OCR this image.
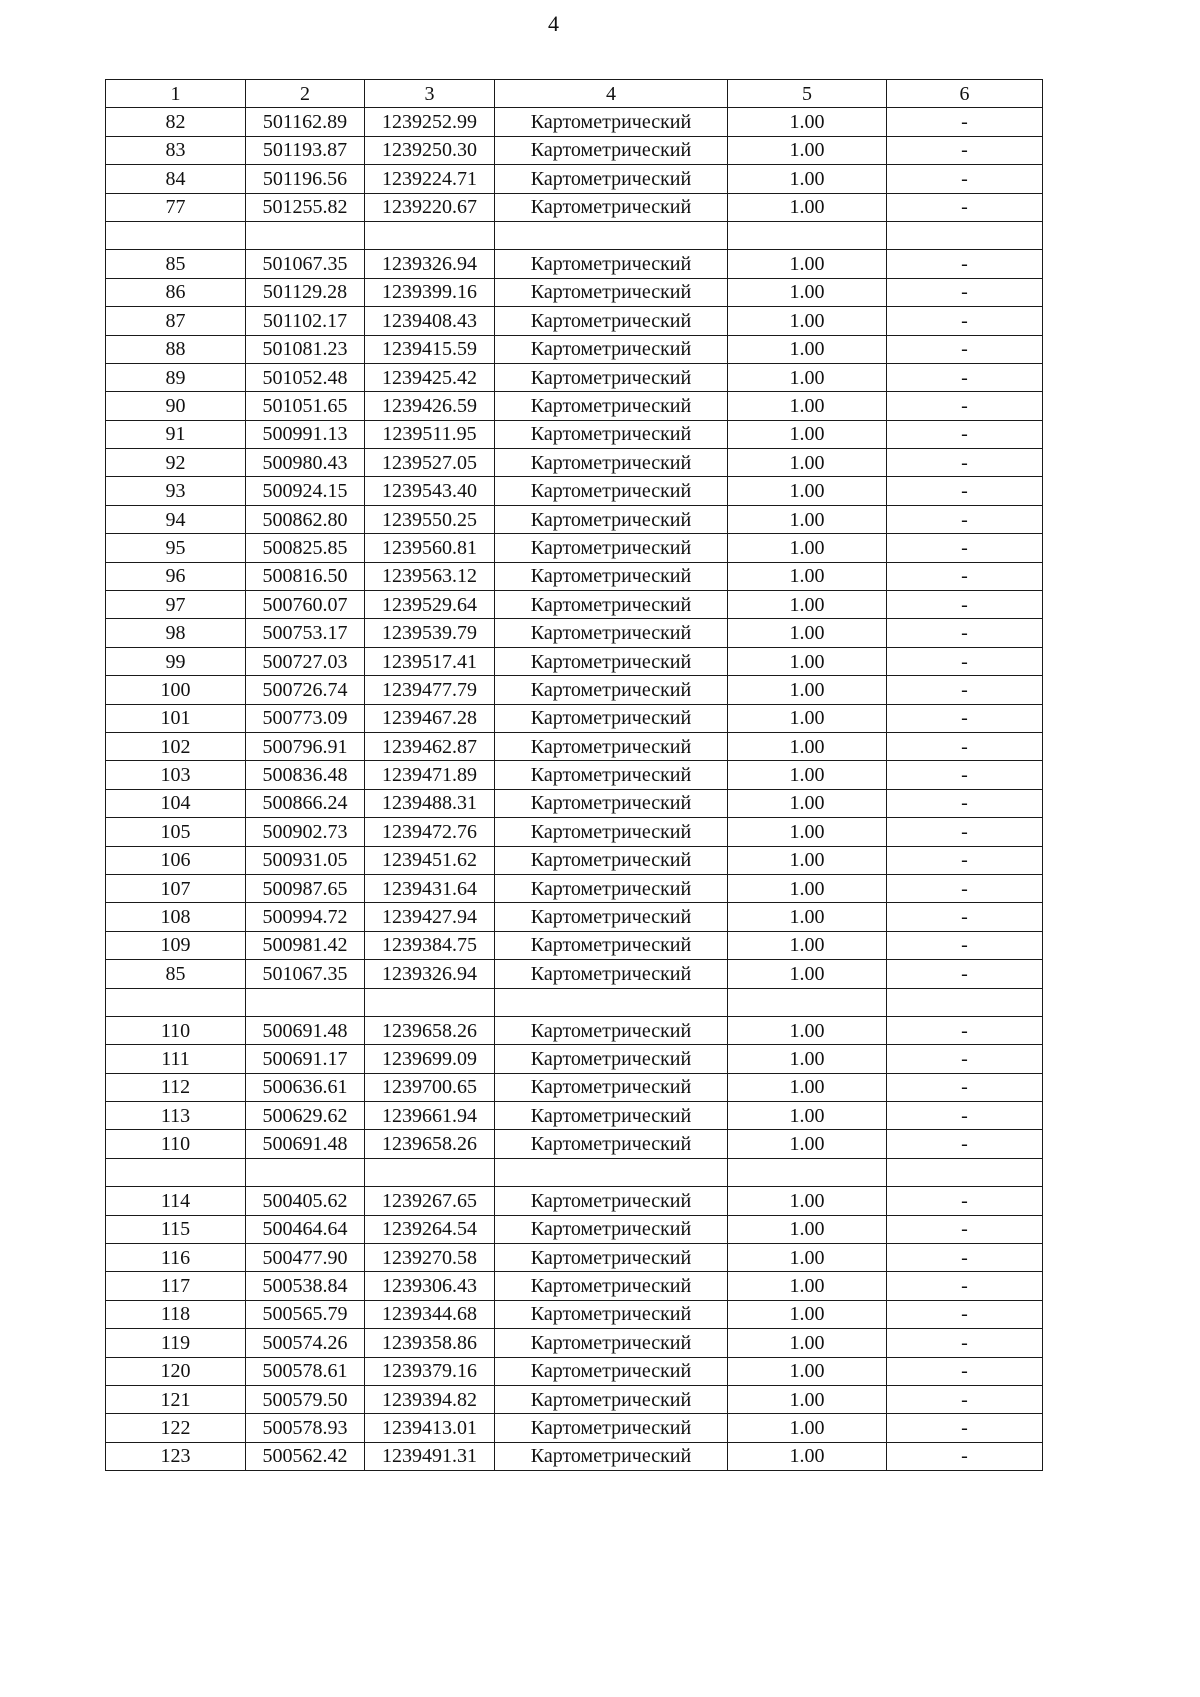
4
1	2	3	4	5	6
82	501162.89	1239252.99	Картометрический	1.00	-
83	501193.87	1239250.30	Картометрический	1.00	-
84	501196.56	1239224.71	Картометрический	1.00	-
77	501255.82	1239220.67	Картометрический	1.00	-

85	501067.35	1239326.94	Картометрический	1.00	-
86	501129.28	1239399.16	Картометрический	1.00	-
87	501102.17	1239408.43	Картометрический	1.00	-
88	501081.23	1239415.59	Картометрический	1.00	-
89	501052.48	1239425.42	Картометрический	1.00	-
90	501051.65	1239426.59	Картометрический	1.00	-
91	500991.13	1239511.95	Картометрический	1.00	-
92	500980.43	1239527.05	Картометрический	1.00	-
93	500924.15	1239543.40	Картометрический	1.00	-
94	500862.80	1239550.25	Картометрический	1.00	-
95	500825.85	1239560.81	Картометрический	1.00	-
96	500816.50	1239563.12	Картометрический	1.00	-
97	500760.07	1239529.64	Картометрический	1.00	-
98	500753.17	1239539.79	Картометрический	1.00	-
99	500727.03	1239517.41	Картометрический	1.00	-
100	500726.74	1239477.79	Картометрический	1.00	-
101	500773.09	1239467.28	Картометрический	1.00	-
102	500796.91	1239462.87	Картометрический	1.00	-
103	500836.48	1239471.89	Картометрический	1.00	-
104	500866.24	1239488.31	Картометрический	1.00	-
105	500902.73	1239472.76	Картометрический	1.00	-
106	500931.05	1239451.62	Картометрический	1.00	-
107	500987.65	1239431.64	Картометрический	1.00	-
108	500994.72	1239427.94	Картометрический	1.00	-
109	500981.42	1239384.75	Картометрический	1.00	-
85	501067.35	1239326.94	Картометрический	1.00	-

110	500691.48	1239658.26	Картометрический	1.00	-
111	500691.17	1239699.09	Картометрический	1.00	-
112	500636.61	1239700.65	Картометрический	1.00	-
113	500629.62	1239661.94	Картометрический	1.00	-
110	500691.48	1239658.26	Картометрический	1.00	-

114	500405.62	1239267.65	Картометрический	1.00	-
115	500464.64	1239264.54	Картометрический	1.00	-
116	500477.90	1239270.58	Картометрический	1.00	-
117	500538.84	1239306.43	Картометрический	1.00	-
118	500565.79	1239344.68	Картометрический	1.00	-
119	500574.26	1239358.86	Картометрический	1.00	-
120	500578.61	1239379.16	Картометрический	1.00	-
121	500579.50	1239394.82	Картометрический	1.00	-
122	500578.93	1239413.01	Картометрический	1.00	-
123	500562.42	1239491.31	Картометрический	1.00	-
